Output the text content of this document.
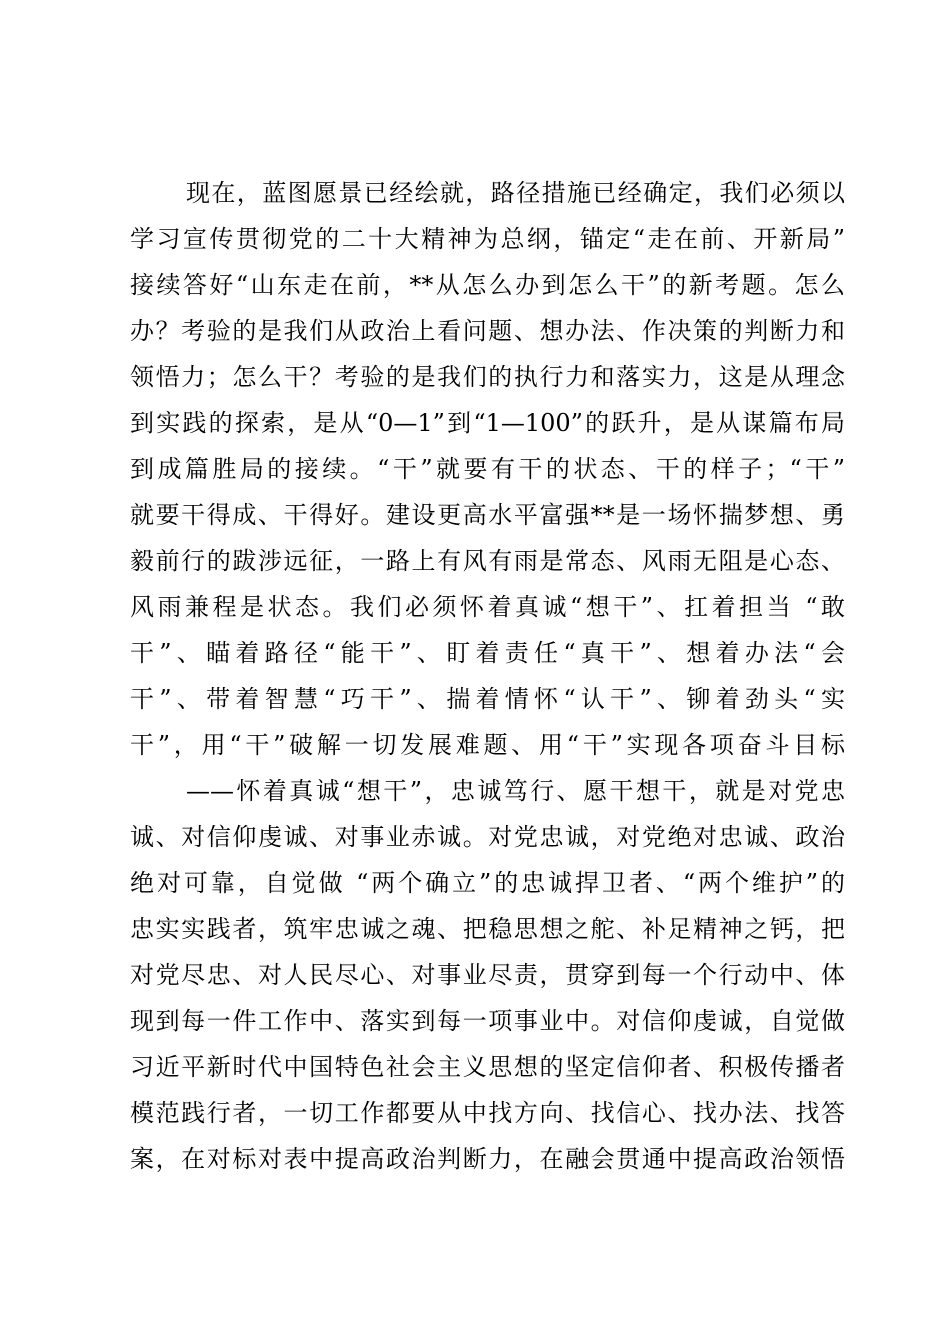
现在，蓝图愿景已经绘就，路径措施已经确定，我们必须以
学习宣传贯彻党的二十大精神为总纲，锚定“走在前、开新局”
接续答好“山东走在前，**从怎么办到怎么干”的新考题。怎么
办？考验的是我们从政治上看问题、想办法、作决策的判断力和
领悟力；怎么干？考验的是我们的执行力和落实力，这是从理念
到实践的探索，是从“0—1”到“1—100”的跃升，是从谋篇布局
到成篇胜局的接续。“干”就要有干的状态、干的样子；“干”
就要干得成、干得好。建设更高水平富强**是一场怀揣梦想、勇
毅前行的跋涉远征，一路上有风有雨是常态、风雨无阻是心态、
风雨兼程是状态。我们必须怀着真诚“想干”、扛着担当 “敢
干”、瞄着路径“能干”、盯着责任“真干”、想着办法“会
干”、带着智慧“巧干”、揣着情怀“认干”、铆着劲头“实
干”，用“干”破解一切发展难题、用“干”实现各项奋斗目标
——怀着真诚“想干”，忠诚笃行、愿干想干，就是对党忠
诚、对信仰虔诚、对事业赤诚。对党忠诚，对党绝对忠诚、政治
绝对可靠，自觉做 “两个确立”的忠诚捍卫者、“两个维护”的
忠实实践者，筑牢忠诚之魂、把稳思想之舵、补足精神之钙，把
对党尽忠、对人民尽心、对事业尽责，贯穿到每一个行动中、体
现到每一件工作中、落实到每一项事业中。对信仰虔诚，自觉做
习近平新时代中国特色社会主义思想的坚定信仰者、积极传播者
模范践行者，一切工作都要从中找方向、找信心、找办法、找答
案，在对标对表中提高政治判断力，在融会贯通中提高政治领悟
